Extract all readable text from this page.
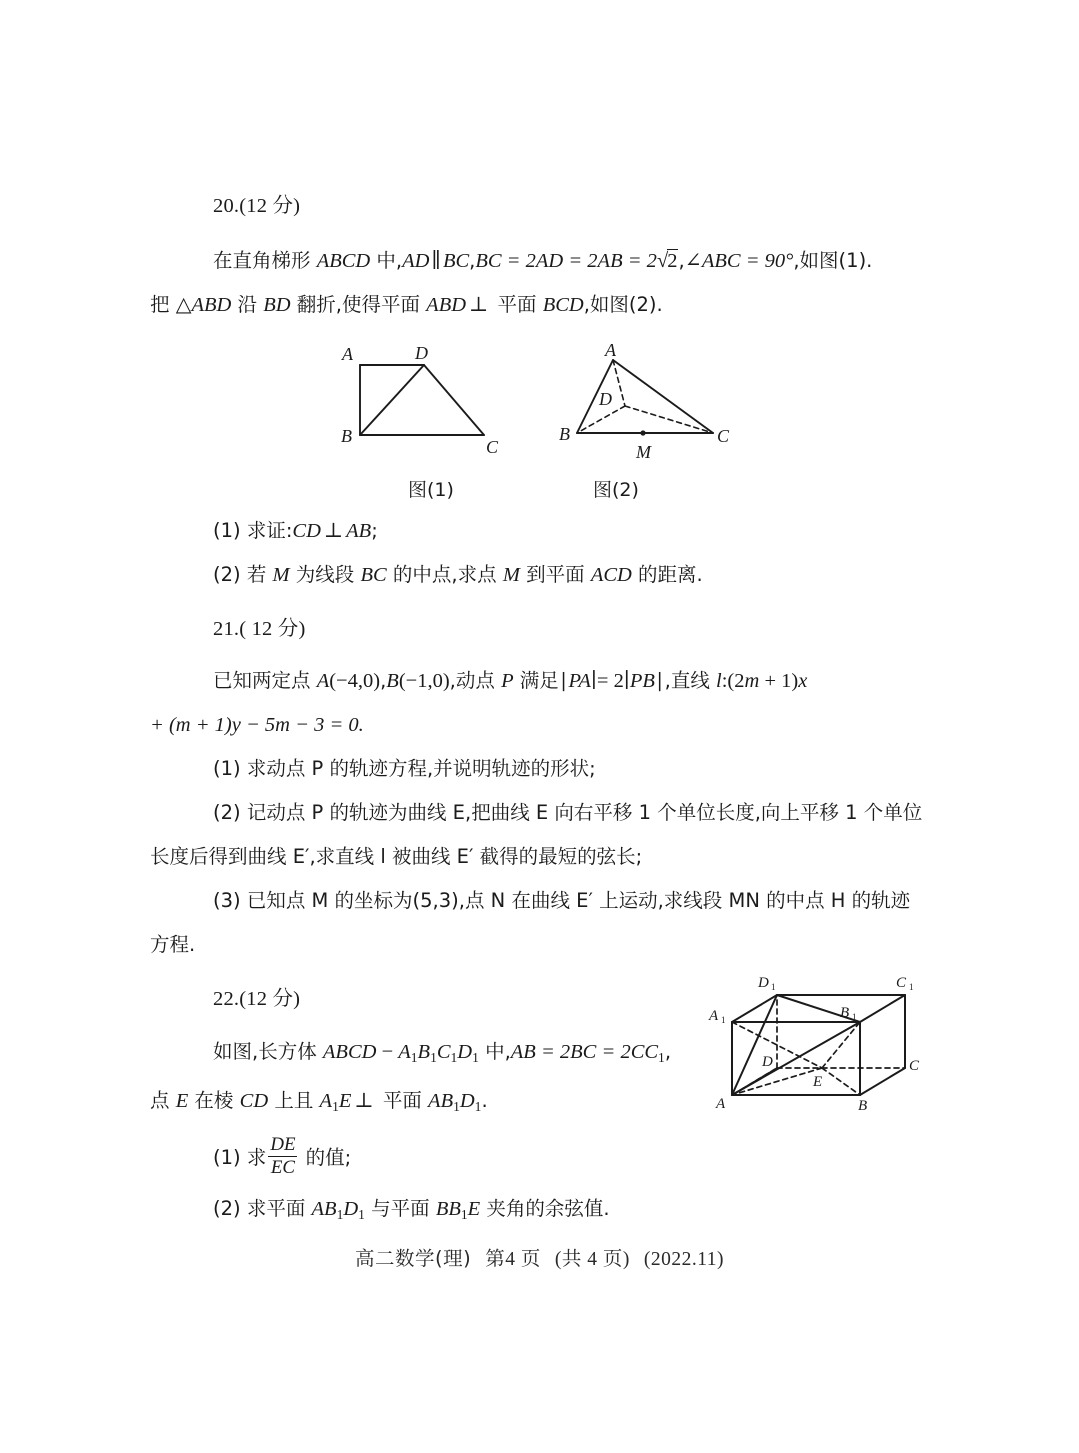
20.(12 分)

在直角梯形 ABCD 中,AD∥BC,BC = 2AD = 2AB = 2√2,∠ABC = 90°,如图(1).

把 △ABD 沿 BD 翻折,使得平面 ABD ⊥ 平面 BCD,如图(2).

A	D
B
C
A
D
B
M
C
图(1)	图(2)

(1) 求证:CD ⊥ AB;

(2) 若 M 为线段 BC 的中点,求点 M 到平面 ACD 的距离.

21.( 12 分)

已知两定点 A(−4,0),B(−1,0),动点 P 满足∣PA∣= 2∣PB∣,直线 l:(2m + 1)x

+ (m + 1)y − 5m − 3 = 0.

(1) 求动点 P 的轨迹方程,并说明轨迹的形状;

(2) 记动点 P 的轨迹为曲线 E,把曲线 E 向右平移 1 个单位长度,向上平移 1 个单位

长度后得到曲线 E′,求直线 l 被曲线 E′ 截得的最短的弦长;

(3) 已知点 M 的坐标为(5,3),点 N 在曲线 E′ 上运动,求线段 MN 的中点 H 的轨迹

方程.

22.(12 分)

如图,长方体 ABCD − $A_1B_1C_1D_1$ 中$,AB = 2BC = 2CC_1$,

点 E 在棱 CD 上且 $A_1E$ ⊥ 平面 $AB_1D_1$.

(1) 求 $\frac{DE}{EC}$ 的值;

(2) 求平面 $AB_1D_1$ 与平面 $BB_1E$ 夹角的余弦值.

D 1	C 1
A 1	B 1
D	C
A
E
B
高二数学(理) 第4 页 (共 4 页) (2022.11)
